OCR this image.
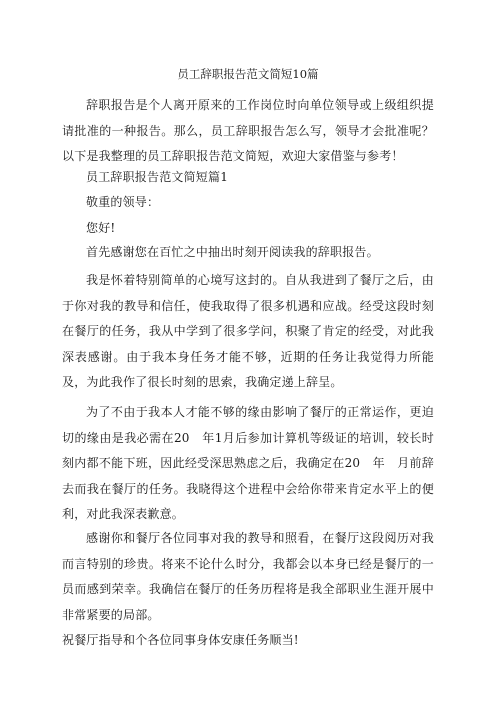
员工辞职报告范文简短10篇

辞职报告是个人离开原来的工作岗位时向单位领导或上级组织提请批准的一种报告。那么，员工辞职报告怎么写，领导才会批准呢？以下是我整理的员工辞职报告范文简短，欢迎大家借鉴与参考！

员工辞职报告范文简短篇1

敬重的领导：

您好!

首先感谢您在百忙之中抽出时刻开阅读我的辞职报告。

我是怀着特别简单的心境写这封的。自从我进到了餐厅之后，由于你对我的教导和信任，使我取得了很多机遇和应战。经受这段时刻在餐厅的任务，我从中学到了很多学问，积聚了肯定的经受，对此我深表感谢。由于我本身任务才能不够，近期的任务让我觉得力所能及，为此我作了很长时刻的思索，我确定递上辞呈。

为了不由于我本人才能不够的缘由影响了餐厅的正常运作，更迫切的缘由是我必需在20　年1月后参加计算机等级证的培训，较长时刻内都不能下班，因此经受深思熟虑之后，我确定在20　年　月前辞去而我在餐厅的任务。我晓得这个进程中会给你带来肯定水平上的便利，对此我深表歉意。

感谢你和餐厅各位同事对我的教导和照看，在餐厅这段阅历对我而言特别的珍贵。将来不论什么时分，我都会以本身已经是餐厅的一员而感到荣幸。我确信在餐厅的任务历程将是我全部职业生涯开展中非常紧要的局部。
祝餐厅指导和个各位同事身体安康任务顺当!
